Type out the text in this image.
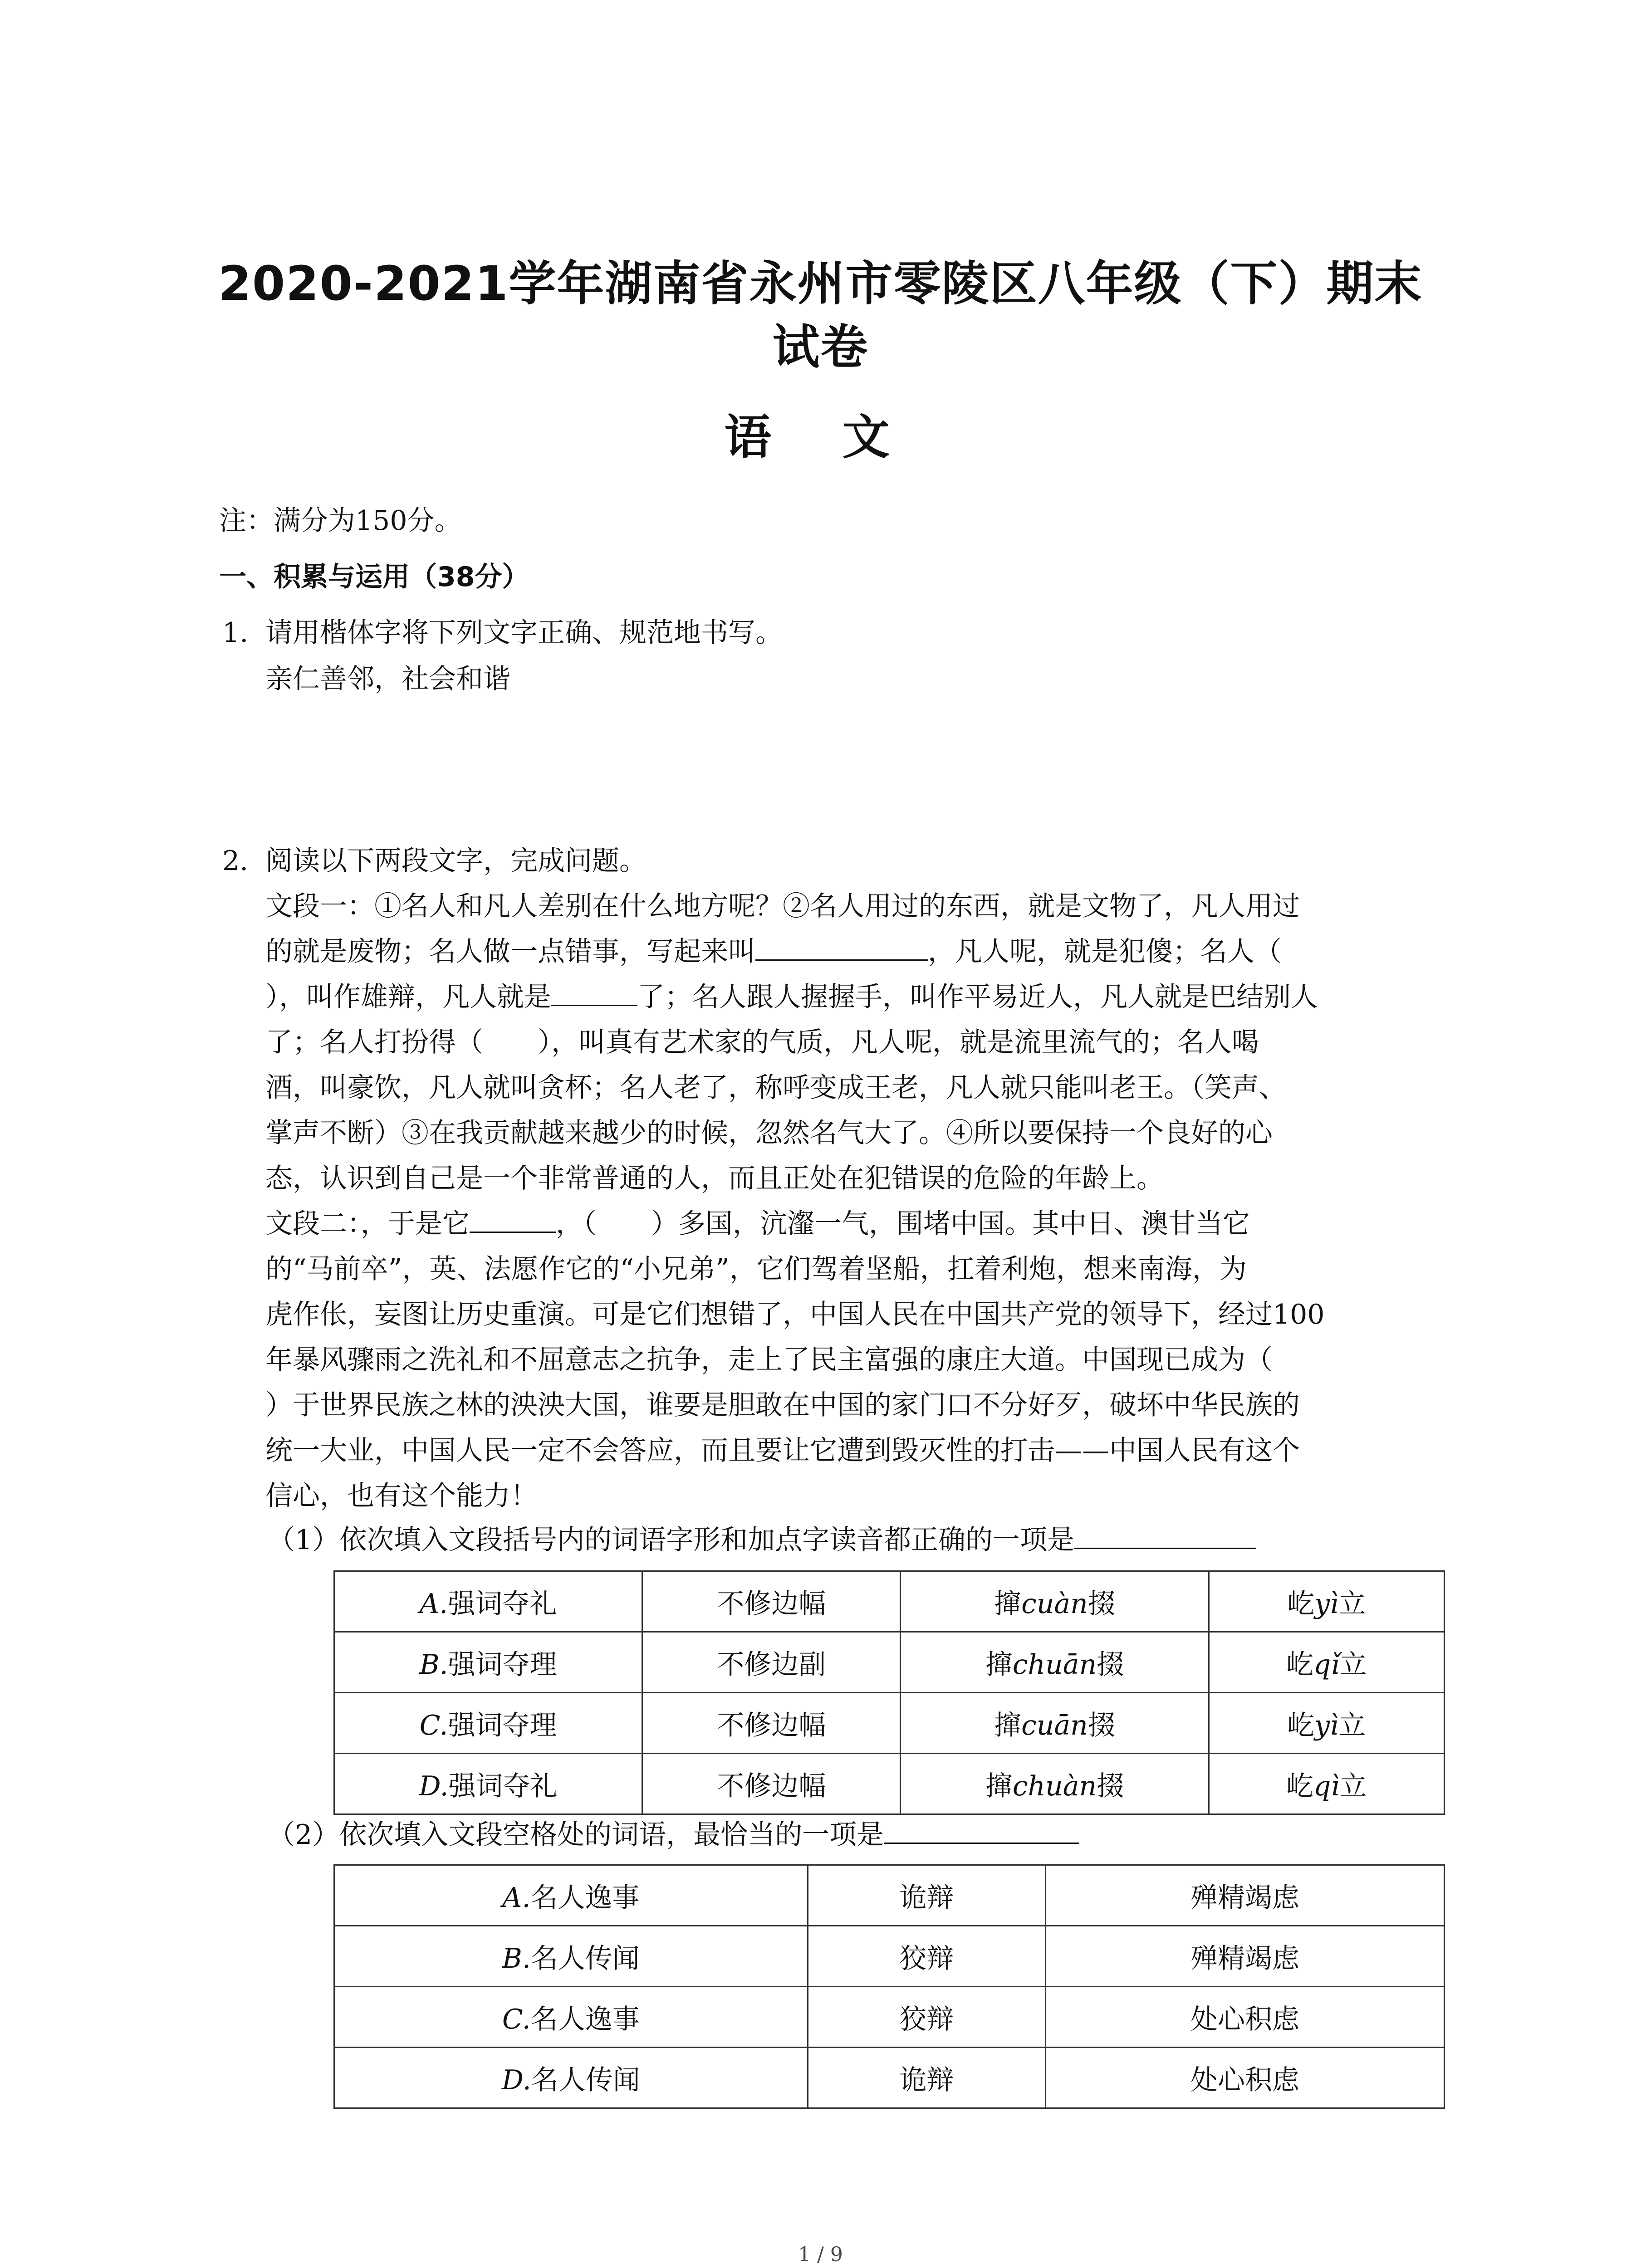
2020-2021学年湖南省永州市零陵区八年级（下）期末
试卷
语 文
注：满分为150分。
一、积累与运用（38分）
1. 请用楷体字将下列文字正确、规范地书写。
亲仁善邻，社会和谐
2. 阅读以下两段文字，完成问题。
文段一：①名人和凡人差别在什么地方呢？②名人用过的东西，就是文物了，凡人用过
的就是废物；名人做一点错事，写起来叫	，凡人呢，就是犯傻；名人（
），叫作雄辩，凡人就是	了；名人跟人握握手，叫作平易近人，凡人就是巴结别人
了；名人打扮得（　　），叫真有艺术家的气质，凡人呢，就是流里流气的；名人喝
酒，叫豪饮，凡人就叫贪杯；名人老了，称呼变成王老，凡人就只能叫老王。（笑声、
掌声不断）③在我贡献越来越少的时候，忽然名气大了。④所以要保持一个良好的心
态，认识到自己是一个非常普通的人，而且正处在犯错误的危险的年龄上。
文段二：，于是它	，（　　）多国，沆瀣一气，围堵中国。其中日、澳甘当它
的“马前卒”，英、法愿作它的“小兄弟”，它们驾着坚船，扛着利炮，想来南海，为
虎作伥，妄图让历史重演。可是它们想错了，中国人民在中国共产党的领导下，经过100
年暴风骤雨之洗礼和不屈意志之抗争，走上了民主富强的康庄大道。中国现已成为（
）于世界民族之林的泱泱大国，谁要是胆敢在中国的家门口不分好歹，破坏中华民族的
统一大业，中国人民一定不会答应，而且要让它遭到毁灭性的打击——中国人民有这个
信心，也有这个能力！
（1）依次填入文段括号内的词语字形和加点字读音都正确的一项是
A.强词夺礼	不修边幅	撺cuàn掇	屹yì立
B.强词夺理	不修边副	撺chuān掇	屹qǐ立
C.强词夺理	不修边幅	撺cuān掇	屹yì立
D.强词夺礼	不修边幅	撺chuàn掇	屹qì立
（2）依次填入文段空格处的词语，最恰当的一项是
A.名人逸事	诡辩	殚精竭虑
B.名人传闻	狡辩	殚精竭虑
C.名人逸事	狡辩	处心积虑
D.名人传闻	诡辩	处心积虑
1 / 9
